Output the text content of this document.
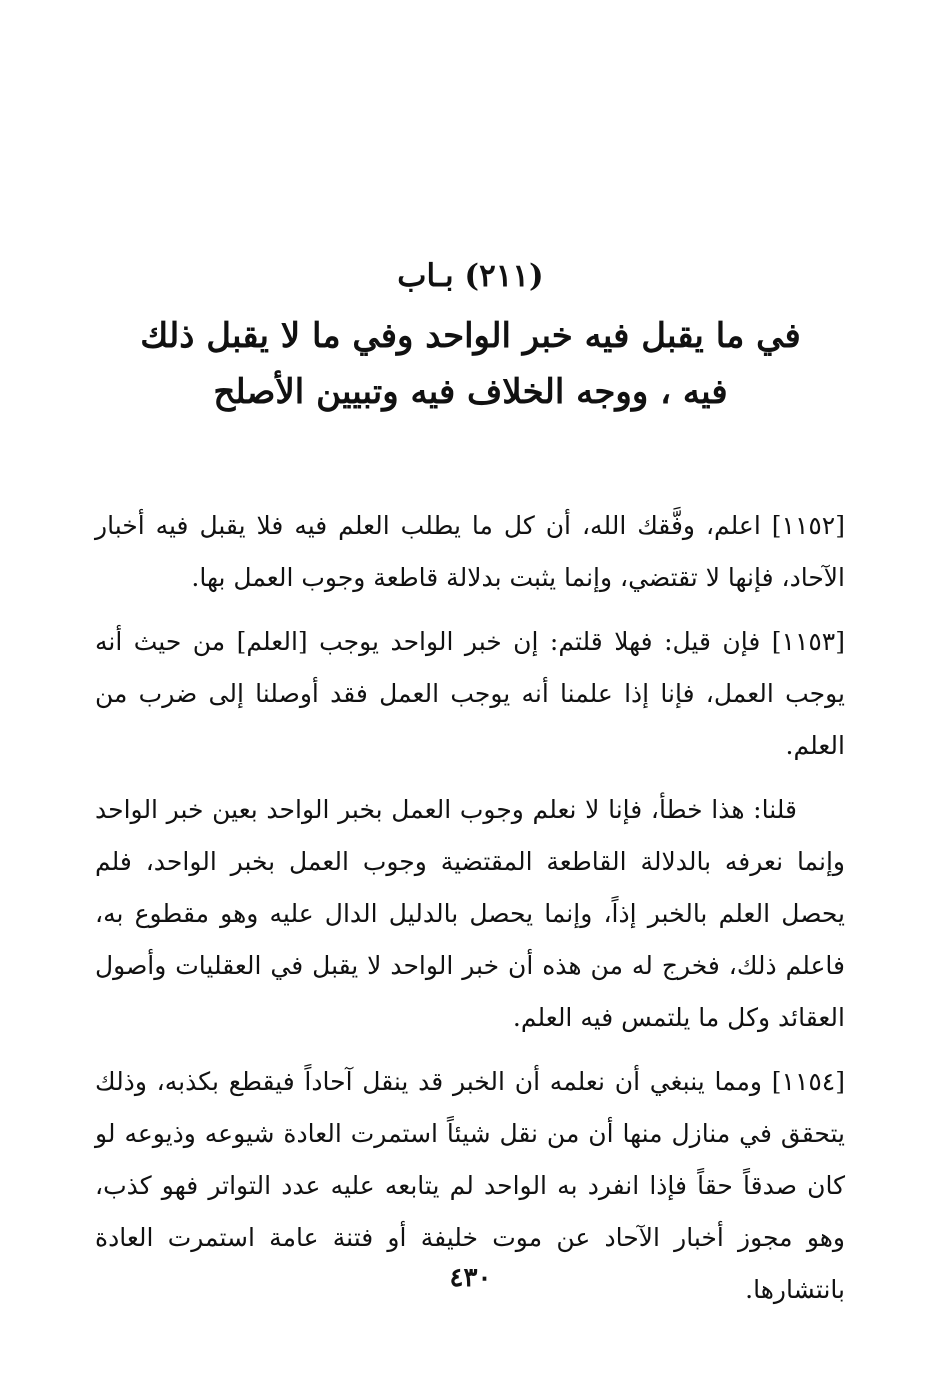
(٢١١) بـاب

في ما يقبل فيه خبر الواحد وفي ما لا يقبل ذلك فيه ، ووجه الخلاف فيه وتبيين الأصلح

[١١٥٢] اعلم، وفَّقك الله، أن كل ما يطلب العلم فيه فلا يقبل فيه أخبار الآحاد، فإنها لا تقتضي، وإنما يثبت بدلالة قاطعة وجوب العمل بها.

[١١٥٣] فإن قيل: فهلا قلتم: إن خبر الواحد يوجب [العلم] من حيث أنه يوجب العمل، فإنا إذا علمنا أنه يوجب العمل فقد أوصلنا إلى ضرب من العلم.

قلنا: هذا خطأ، فإنا لا نعلم وجوب العمل بخبر الواحد بعين خبر الواحد وإنما نعرفه بالدلالة القاطعة المقتضية وجوب العمل بخبر الواحد، فلم يحصل العلم بالخبر إذاً، وإنما يحصل بالدليل الدال عليه وهو مقطوع به، فاعلم ذلك، فخرج له من هذه أن خبر الواحد لا يقبل في العقليات وأصول العقائد وكل ما يلتمس فيه العلم.

[١١٥٤] ومما ينبغي أن نعلمه أن الخبر قد ينقل آحاداً فيقطع بكذبه، وذلك يتحقق في منازل منها أن من نقل شيئاً استمرت العادة شيوعه وذيوعه لو كان صدقاً حقاً فإذا انفرد به الواحد لم يتابعه عليه عدد التواتر فهو كذب، وهو مجوز أخبار الآحاد عن موت خليفة أو فتنة عامة استمرت العادة بانتشارها.

٤٣٠
